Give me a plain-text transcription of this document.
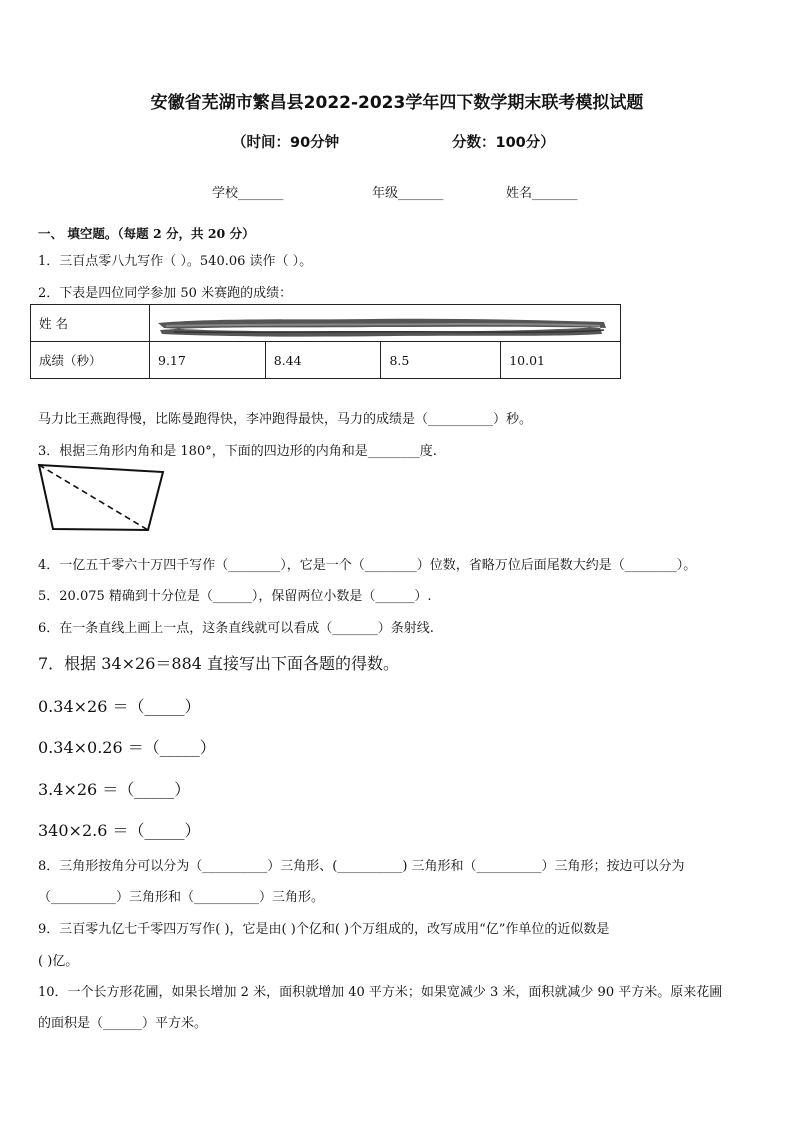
安徽省芜湖市繁昌县2022-2023学年四下数学期末联考模拟试题
（时间：90分钟	分数：100分）
学校_______	年级_______	姓名_______
一、 填空题。（每题 2 分，共 20 分）
1．三百点零八九写作（ ）。540.06 读作（ ）。
2．下表是四位同学参加 50 米赛跑的成绩：
姓 名				
成绩（秒）	9.17	8.44	8.5	10.01
马力比王燕跑得慢，比陈曼跑得快，李冲跑得最快，马力的成绩是（__________）秒。
3．根据三角形内角和是 180°，下面的四边形的内角和是________度.
4．一亿五千零六十万四千写作（________），它是一个（________）位数，省略万位后面尾数大约是（________）。
5．20.075 精确到十分位是（______），保留两位小数是（______）.
6．在一条直线上画上一点，这条直线就可以看成（_______）条射线.
7．根据 34×26＝884 直接写出下面各题的得数。
0.34×26 ＝（_____）
0.34×0.26 ＝（_____）
3.4×26 ＝（_____）
340×2.6 ＝（_____）
8．三角形按角分可以分为（__________）三角形、(__________) 三角形和（__________）三角形；按边可以分为
（__________）三角形和（__________）三角形。
9．三百零九亿七千零四万写作( )，它是由( )个亿和( )个万组成的，改写成用“亿”作单位的近似数是
( )亿。
10．一个长方形花圃，如果长增加 2 米，面积就增加 40 平方米；如果宽减少 3 米，面积就减少 90 平方米。原来花圃
的面积是（______）平方米。
